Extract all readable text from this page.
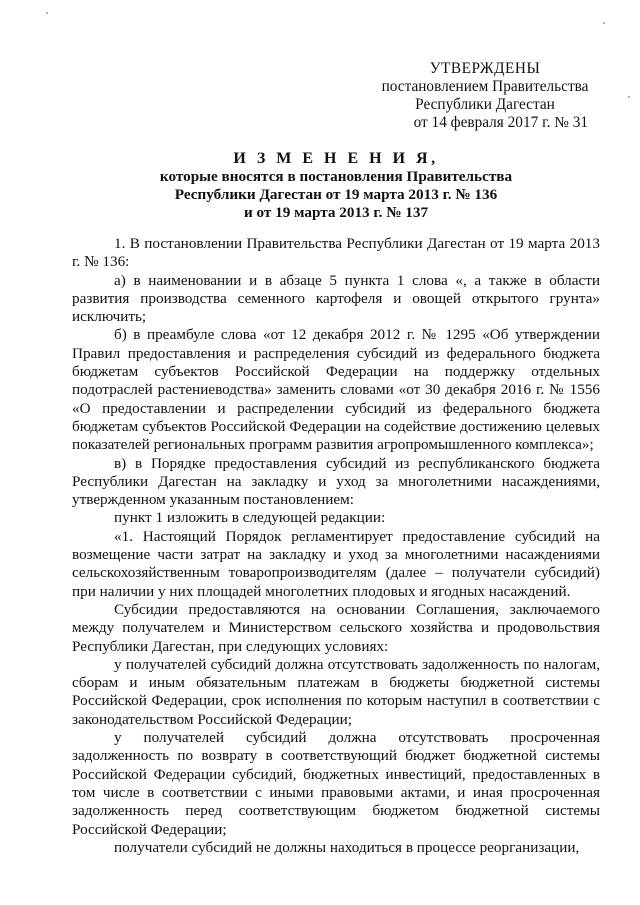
УТВЕРЖДЕНЫ
постановлением Правительства
Республики Дагестан
от 14 февраля 2017 г. № 31
И З М Е Н Е Н И Я,
которые вносятся в постановления Правительства
Республики Дагестан от 19 марта 2013 г. № 136
и от 19 марта 2013 г. № 137

1. В постановлении Правительства Республики Дагестан от 19 марта 2013 г. № 136:

а) в наименовании и в абзаце 5 пункта 1 слова «, а также в области развития производства семенного картофеля и овощей открытого грунта» исключить;

б) в преамбуле слова «от 12 декабря 2012 г. № 1295 «Об утверждении Правил предоставления и распределения субсидий из федерального бюджета бюджетам субъектов Российской Федерации на поддержку отдельных подотраслей растениеводства» заменить словами «от 30 декабря 2016 г. № 1556 «О предоставлении и распределении субсидий из федерального бюджета бюджетам субъектов Российской Федерации на содействие достижению целевых показателей региональных программ развития агропромышленного комплекса»;

в) в Порядке предоставления субсидий из республиканского бюджета Республики Дагестан на закладку и уход за многолетними насаждениями, утвержденном указанным постановлением:

пункт 1 изложить в следующей редакции:

«1. Настоящий Порядок регламентирует предоставление субсидий на возмещение части затрат на закладку и уход за многолетними насаждениями сельскохозяйственным товаропроизводителям (далее – получатели субсидий) при наличии у них площадей многолетних плодовых и ягодных насаждений.

Субсидии предоставляются на основании Соглашения, заключаемого между получателем и Министерством сельского хозяйства и продовольствия Республики Дагестан, при следующих условиях:

у получателей субсидий должна отсутствовать задолженность по налогам, сборам и иным обязательным платежам в бюджеты бюджетной системы Российской Федерации, срок исполнения по которым наступил в соответствии с законодательством Российской Федерации;

у получателей субсидий должна отсутствовать просроченная задолженность по возврату в соответствующий бюджет бюджетной системы Российской Федерации субсидий, бюджетных инвестиций, предоставленных в том числе в соответствии с иными правовыми актами, и иная просроченная задолженность перед соответствующим бюджетом бюджетной системы Российской Федерации;

получатели субсидий не должны находиться в процессе реорганизации,
